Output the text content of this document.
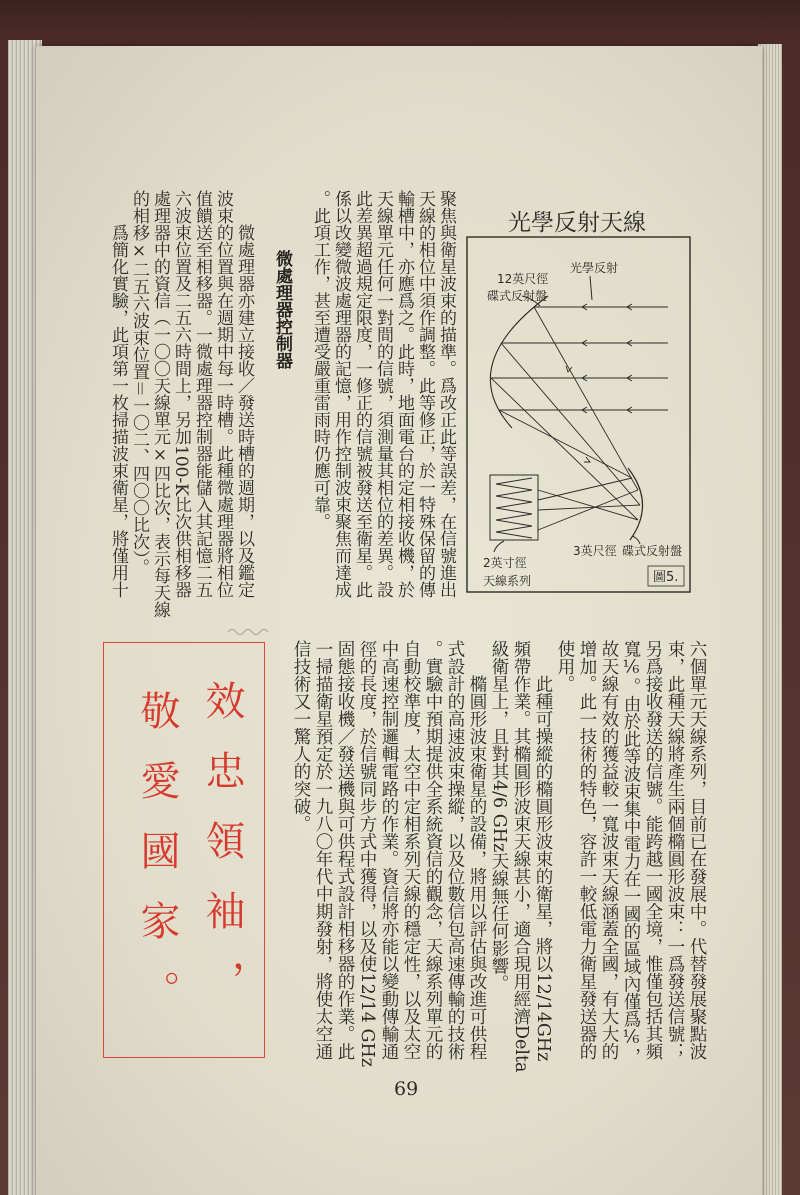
光學反射天線
12英尺徑
碟式反射盤
光學反射
2英寸徑
天線系列
3英尺徑 碟式反射盤
圖5.
聚焦與衛星波束的描準。爲改正此等誤差，在信號進出
天線的相位中須作調整。此等修正，於一特殊保留的傳
輸槽中，亦應爲之。此時，地面電台的定相接收機，於
天線單元任何一對間的信號，須測量其相位的差異。設
此差異超過規定限度，一修正的信號被發送至衛星。此
係以改變微波處理器的記憶，用作控制波束聚焦而達成
。此項工作，甚至遭受嚴重雷雨時仍應可靠。
微處理器控制器
微處理器亦建立接收／發送時槽的週期，以及鑑定
波束的位置與在週期中每一時槽。此種微處理器將相位
值饋送至相移器。一微處理器控制器能儲入其記憶二五
六波束位置及二五六時間上，另加100-K比次供相移器
處理器中的資信（一〇〇天線單元×四比次，表示每天線
的相移×二五六波束位置＝一〇二、四〇〇比次）。
爲簡化實驗，此項第一枚掃描波束衛星，將僅用十
六個單元天線系列，目前已在發展中。代替發展聚點波
束，此種天線將產生兩個橢圓形波束：一爲發送信號；
另爲接收發送的信號。能跨越一國全境，惟僅包括其頻
寬⅙。由於此等波束集中電力在一國的區域內僅爲⅙，
故天線有效的獲益較一寬波束天線涵蓋全國，有大大的
增加。此一技術的特色，容許一較低電力衛星發送器的
使用。
此種可操縱的橢圓形波束的衛星，將以12/14GHz
頻帶作業。其橢圓形波束天線甚小，適合現用經濟Delta
級衛星上，且對其4/6 GHz天線無任何影響。
橢圓形波束衛星的設備，將用以評估與改進可供程
式設計的高速波束操縱，以及位數信包高速傳輸的技術
。實驗中預期提供全系統資信的觀念，天線系列單元的
自動校準度，太空中定相系列天線的穩定性，以及太空
中高速控制邏輯電路的作業。資信將亦能以變動傳輸通
徑的長度，於信號同步方式中獲得，以及使12/14 GHz
固態接收機／發送機與可供程式設計相移器的作業。此
一掃描衛星預定於一九八〇年代中期發射，將使太空通
信技術又一驚人的突破。
效忠領袖，
敬愛國家。
69
